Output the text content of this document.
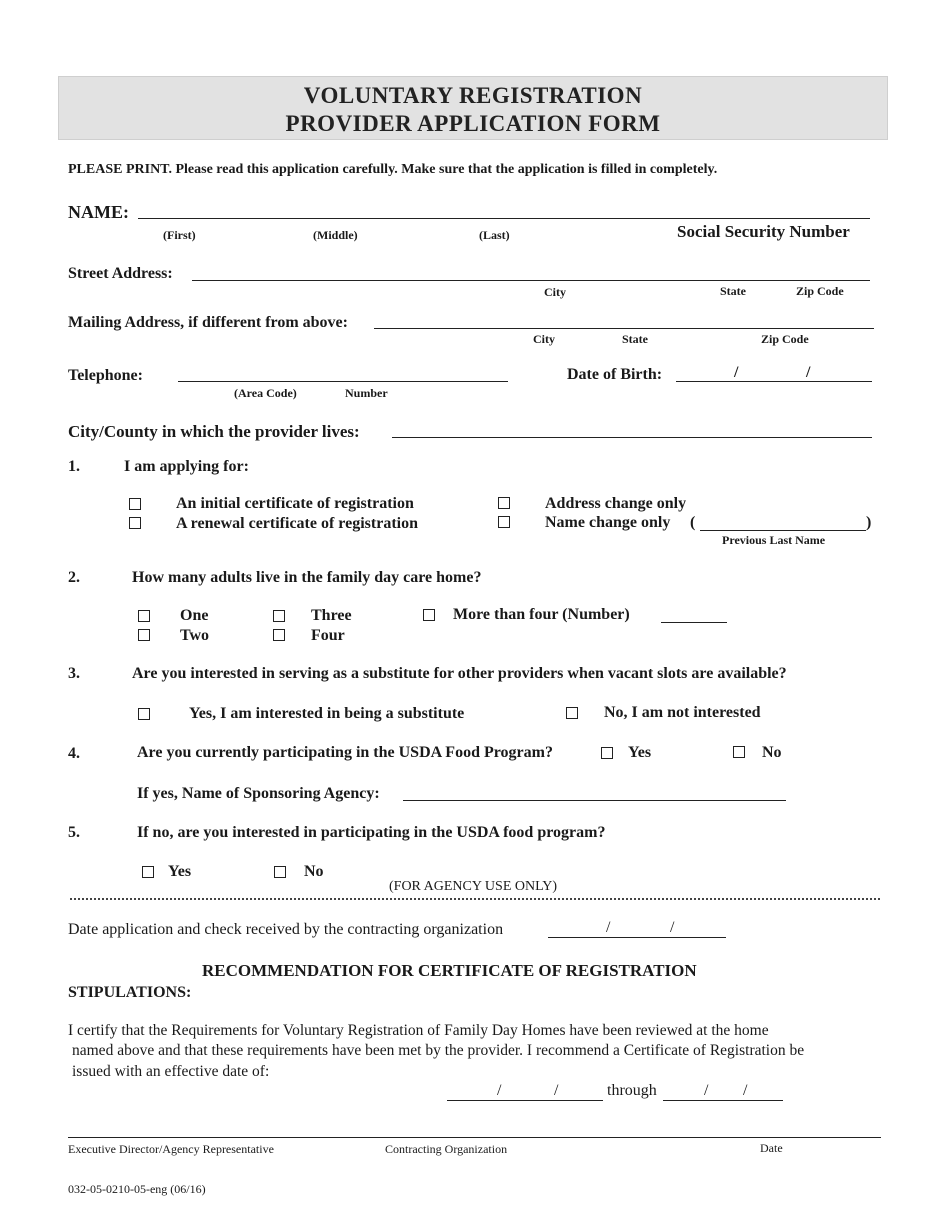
VOLUNTARY REGISTRATION
PROVIDER APPLICATION FORM
PLEASE PRINT. Please read this application carefully. Make sure that the application is filled in completely.
NAME:
(First)	(Middle)	(Last)	Social Security Number
Street Address:
City	State	Zip Code
Mailing Address, if different from above:
City	State	Zip Code
Telephone:
(Area Code)	Number
Date of Birth:	/	/
City/County in which the provider lives:
1.	I am applying for:
An initial certificate of registration
A renewal certificate of registration
Address change only
Name change only (	)
Previous Last Name
2.	How many adults live in the family day care home?
One
Two
Three
Four
More than four (Number)
3.	Are you interested in serving as a substitute for other providers when vacant slots are available?
Yes, I am interested in being a substitute	No, I am not interested
4.	Are you currently participating in the USDA Food Program?	Yes	No
If yes, Name of Sponsoring Agency:
5.	If no, are you interested in participating in the USDA food program?
Yes	No
(FOR AGENCY USE ONLY)
Date application and check received by the contracting organization	/	/
RECOMMENDATION FOR CERTIFICATE OF REGISTRATION
STIPULATIONS:
I certify that the Requirements for Voluntary Registration of Family Day Homes have been reviewed at the home
named above and that these requirements have been met by the provider. I recommend a Certificate of Registration be
issued with an effective date of:
/	/	through	/ /
Executive Director/Agency Representative	Contracting Organization	Date
032-05-0210-05-eng (06/16)
